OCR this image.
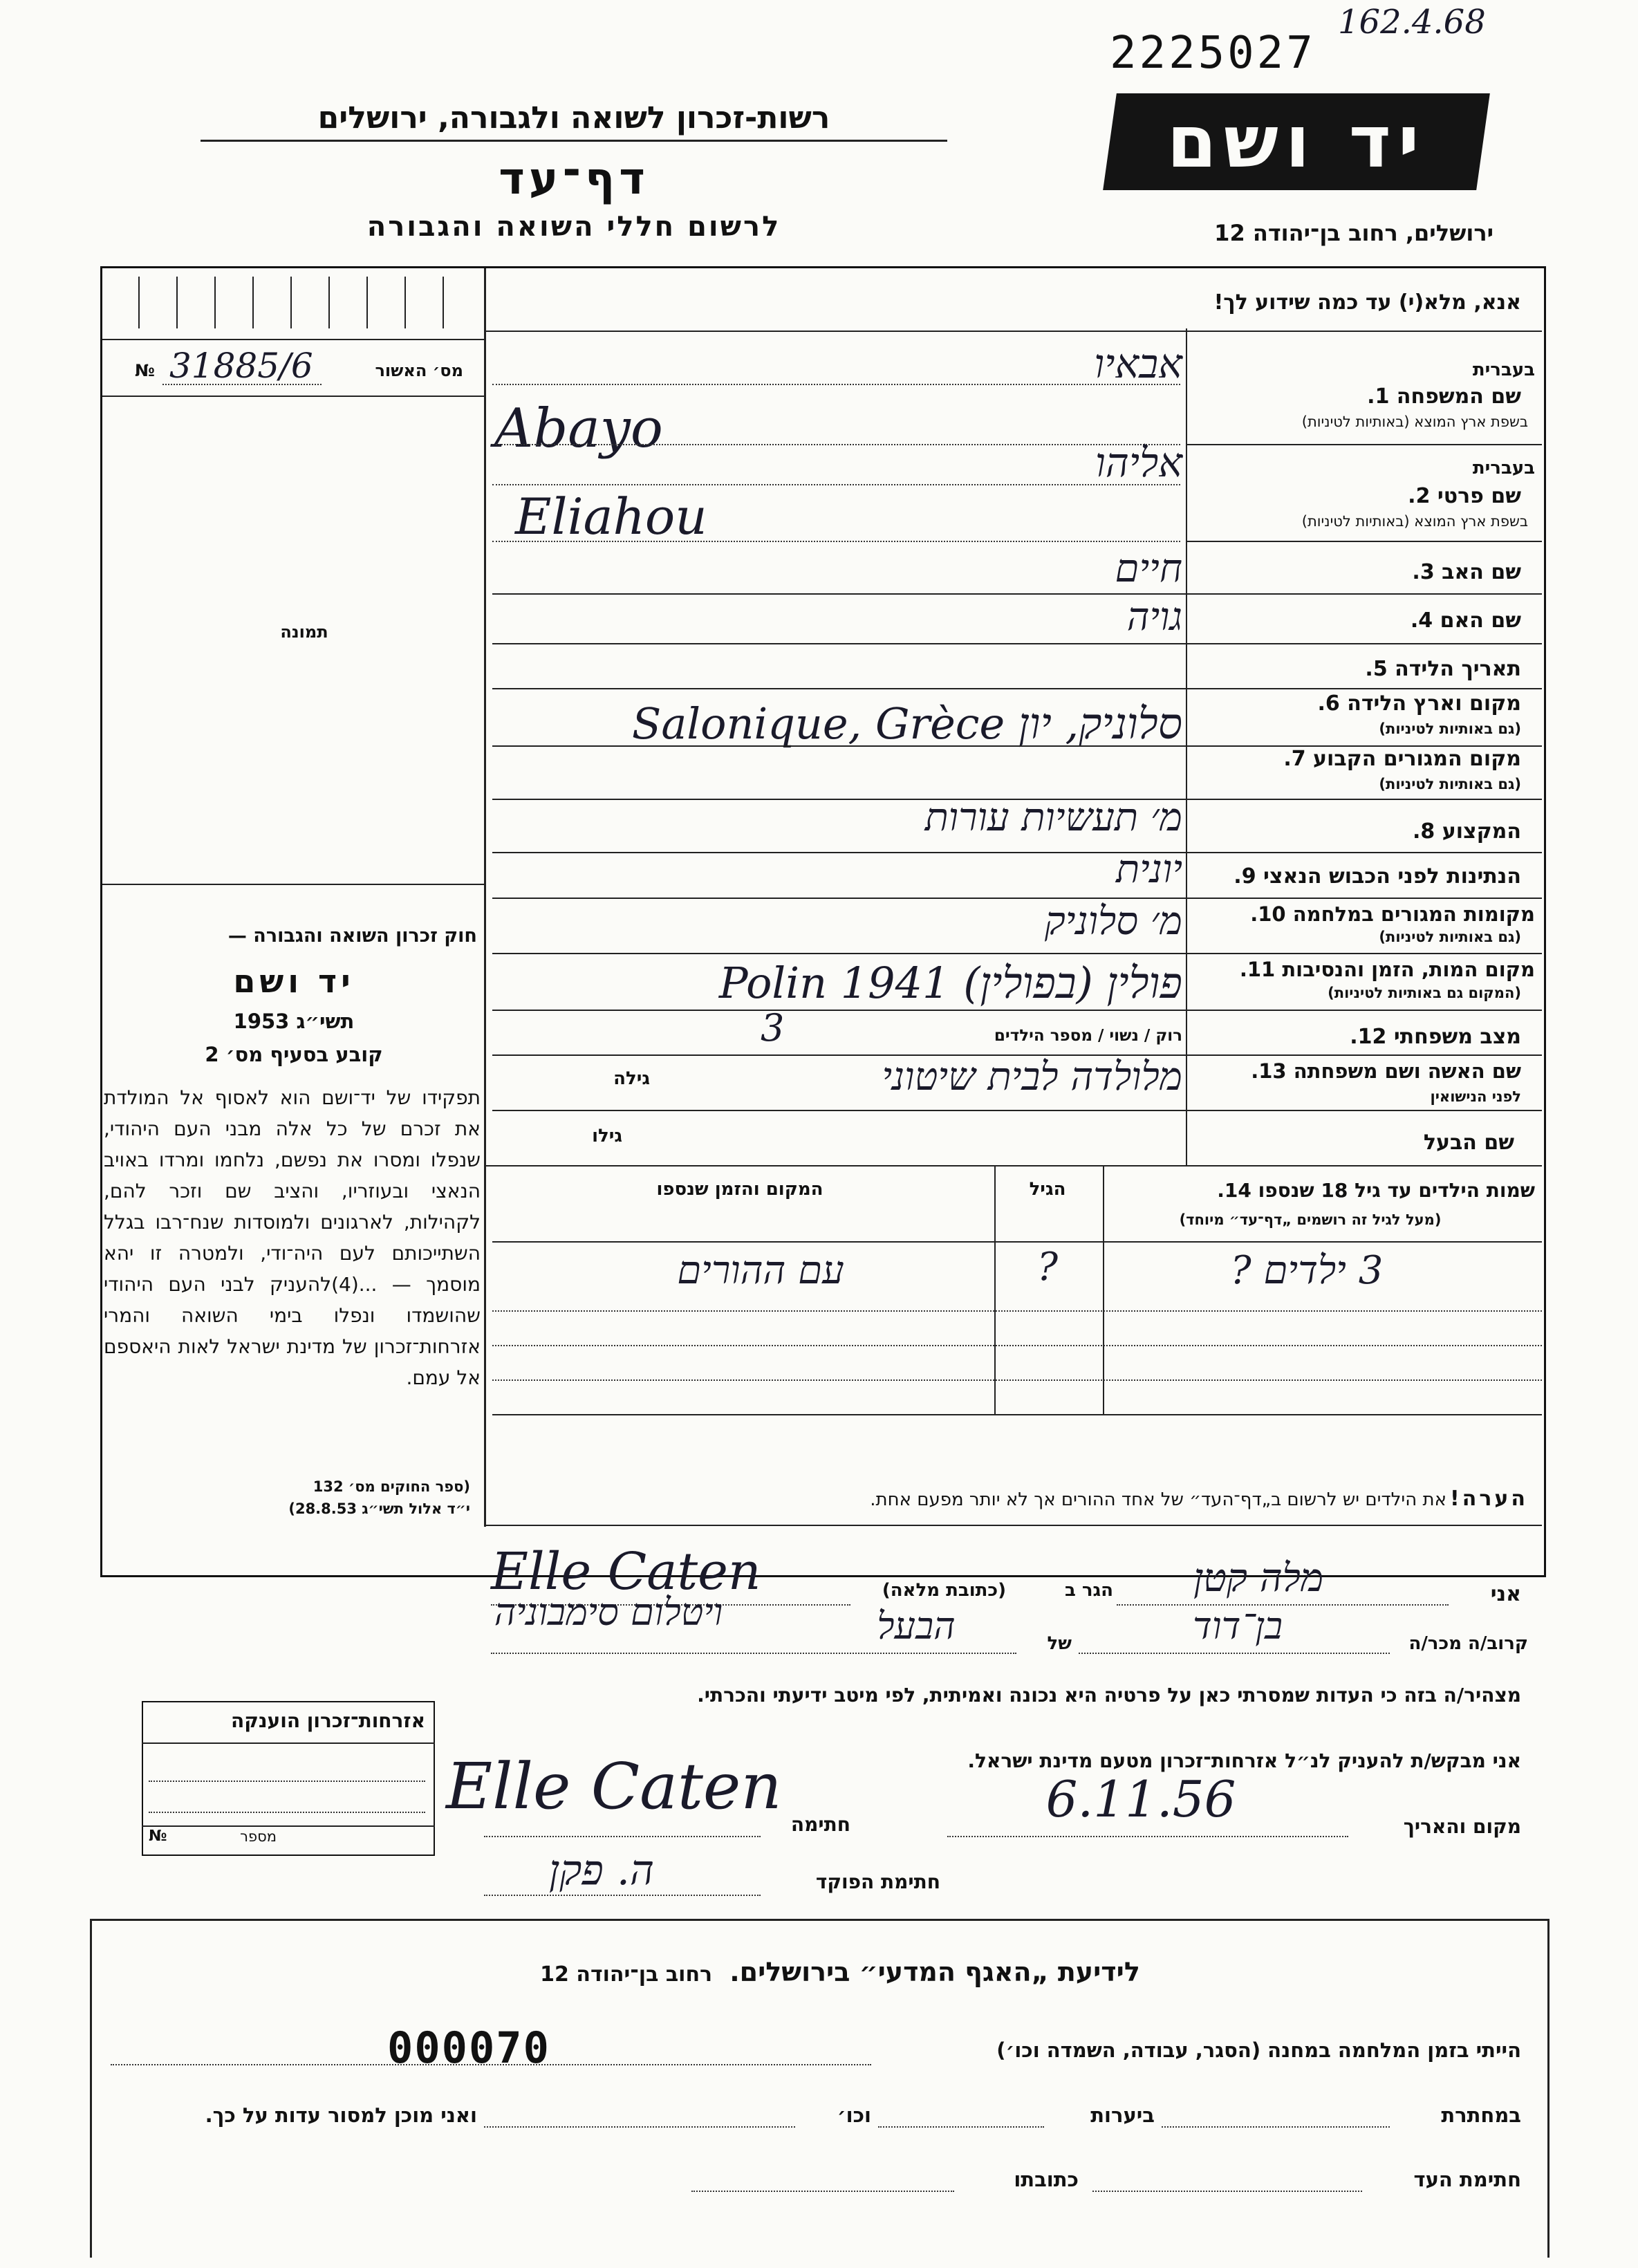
2225027
162.4.68
רשות-זכרון לשואה ולגבורה, ירושלים
דף־עד
לרשום חללי השואה והגבורה
יד ושם
ירושלים, רחוב בן־יהודה 12
אנא, מלא(י) עד כמה שידוע לך!
מס׳ האשור
№ 31885/6
תמונה
חוק זכרון השואה והגבורה —
יד ושם
תשי״ג 1953
קובע בסעיף מס׳ 2
תפקידו של יד־ושם הוא לאסוף אל המולדת את זכרם של כל אלה מבני העם היהודי, שנפלו ומסרו את נפשם, נלחמו ומרדו באויב הנאצי ובעוזריו, והציב שם וזכר להם, לקהילות, לארגונים ולמוסדות שנח־רבו בגלל השתייכותם לעם היה־ודי, ולמטרה זו יהא מוסמך — ...(4)להעניק לבני העם היהודי שהושמדו ונפלו בימי השואה והמרי אזרחות־זכרון של מדינת ישראל לאות היאספם אל עמם.
(ספר החוקים מס׳ 132
י״ד אלול תשי״ג 28.8.53)
בעברית
שם המשפחה 1.
בשפת ארץ המוצא (באותיות לטיניות)
אבאיו
Abayo
בעברית
שם פרטי 2.
בשפת ארץ המוצא (באותיות לטיניות)
אליהו
Eliahou
שם האב 3.
חיים
שם האם 4.
גויה
תאריך הלידה 5.
מקום וארץ הלידה 6.
(גם באותיות לטיניות)
סלוניק, יון Salonique, Grèce
מקום המגורים הקבוע 7.
(גם באותיות לטיניות)
המקצוע 8.
מ׳ תעשיות עורות
הנתינות לפני הכבוש הנאצי 9.
יונית
מקומות המגורים במלחמה 10.
(גם באותיות לטיניות)
מ׳ סלוניק
מקום המות, הזמן והנסיבות 11.
(המקום גם באותיות לטיניות)
פולין (בפולין) Polin 1941
מצב משפחתי 12.
רוק / נשוי / מספר הילדים
3
שם האשה ושם משפחתה 13.
לפני הנישואין
גילה	מלולדה לבית שיטוני
שם הבעל
גילו
שמות הילדים עד גיל 18 שנספו 14.
(מעל לגיל זה רושמים „דף־עד״ מיוחד)
הגיל
המקום והזמן שנספו
3 ילדים ?
?
עם ההורים
הערה! את הילדים יש לרשום ב„דף־העד״ של אחד ההורים אך לא יותר מפעם אחת.
אני
מלה קטן
הגר ב
(כתובת מלאה)
Elle Caten
קרוב/ה מכר/ה
בן־דוד
של
הבעל
ויטלום סימבוניה
מצהיר/ה בזה כי העדות שמסרתי כאן על פרטיה היא נכונה ואמיתית, לפי מיטב ידיעתי והכרתי.
אני מבקש/ת להעניק לנ״ל אזרחות־זכרון מטעם מדינת ישראל.
מקום והאריך
6.11.56
חתימה
Elle Caten
חתימת הפוקד
ה. פקן
אזרחות־זכרון הוענקה
מספר
№
לידיעת „האגף המדעי״ בירושלים. רחוב בן־יהודה 12
000070	הייתי בזמן המלחמה במחנה (הסגר, עבודה, השמדה וכו׳)
במחתרת
ביערות
וכו׳
ואני מוכן למסור עדות על כך.
חתימת העד
כתובתו
